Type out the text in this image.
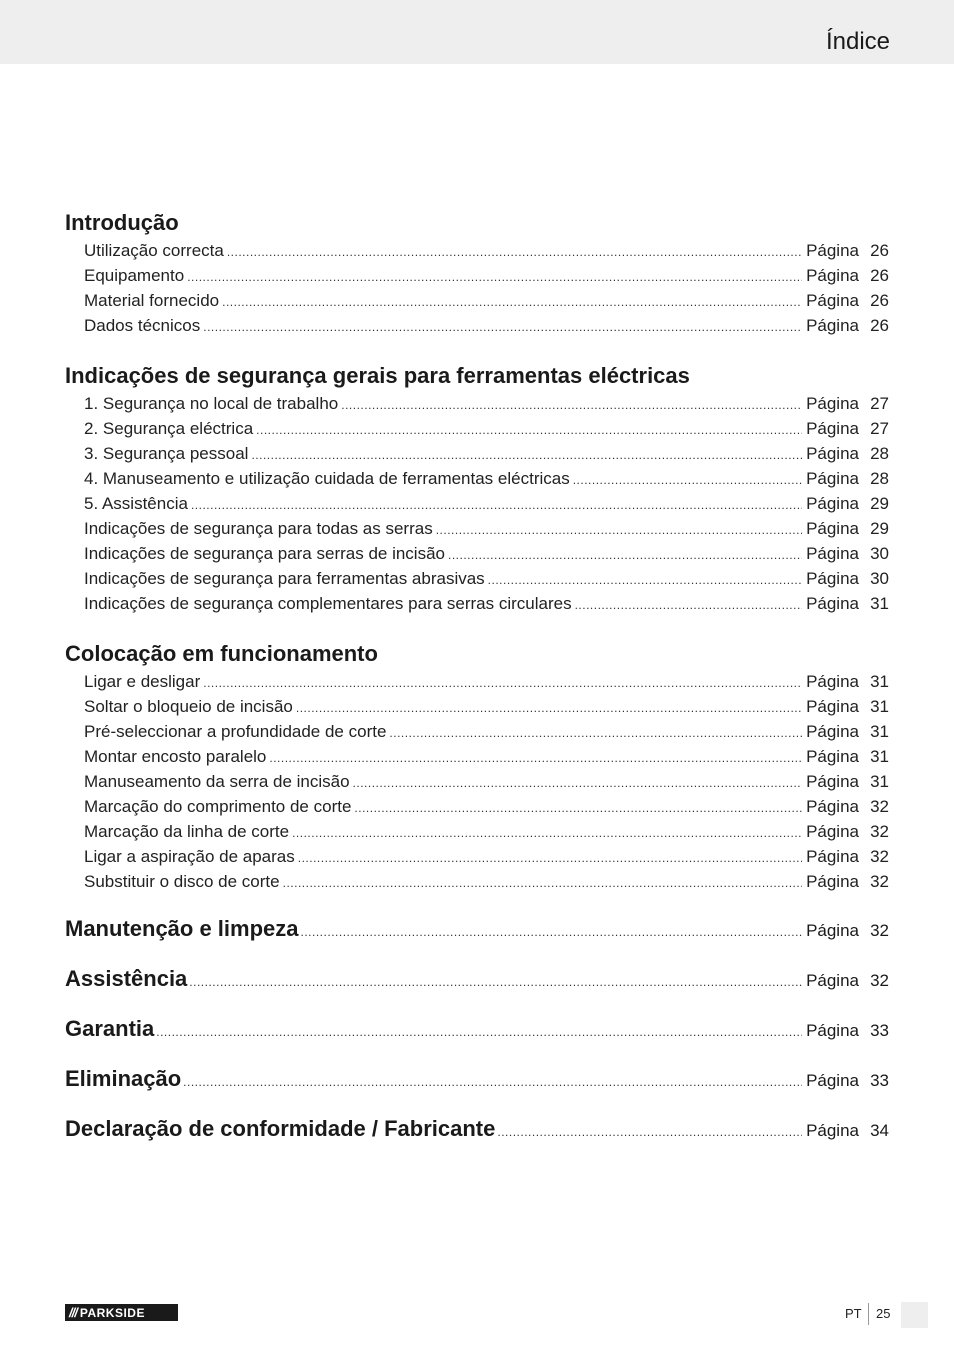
Índice
Introdução
Utilização correcta .....	Página 26
Equipamento .....	Página 26
Material fornecido .....	Página 26
Dados técnicos .....	Página 26
Indicações de segurança gerais para ferramentas eléctricas
1. Segurança no local de trabalho .....	Página 27
2. Segurança eléctrica .....	Página 27
3. Segurança pessoal .....	Página 28
4. Manuseamento e utilização cuidada de ferramentas eléctricas .....	Página 28
5. Assistência .....	Página 29
Indicações de segurança para todas as serras .....	Página 29
Indicações de segurança para serras de incisão .....	Página 30
Indicações de segurança para ferramentas abrasivas .....	Página 30
Indicações de segurança complementares para serras circulares .....	Página 31
Colocação em funcionamento
Ligar e desligar .....	Página 31
Soltar o bloqueio de incisão .....	Página 31
Pré-seleccionar a profundidade de corte .....	Página 31
Montar encosto paralelo .....	Página 31
Manuseamento da serra de incisão .....	Página 31
Marcação do comprimento de corte .....	Página 32
Marcação da linha de corte .....	Página 32
Ligar a aspiração de aparas .....	Página 32
Substituir o disco de corte .....	Página 32
Manutenção e limpeza .....	Página 32
Assistência .....	Página 32
Garantia .....	Página 33
Eliminação .....	Página 33
Declaração de conformidade / Fabricante .....	Página 34
/// PARKSIDE	PT 25
